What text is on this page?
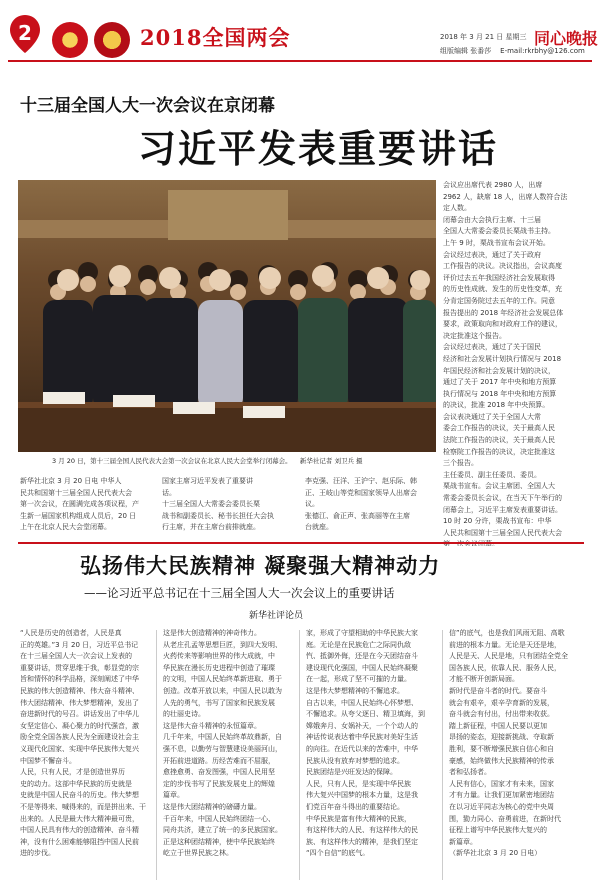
2	2018全国两会	2018 年 3 月 21 日 星期三
组版编辑 张番莎 E-mail:rkrbhy@126.com
同心晚报
十三届全国人大一次会议在京闭幕
习近平发表重要讲话
3 月 20 日，第十三届全国人民代表大会第一次会议在北京人民大会堂举行闭幕会。 新华社记者 刘卫兵 摄
新华社北京 3 月 20 日电 中华人
民共和国第十三届全国人民代表大会
第一次会议，在圆满完成各项议程，产
生新一届国家机构组成人员后，20 日
上午在北京人民大会堂闭幕。
国家主席习近平发表了重要讲
话。
十三届全国人大常委会委员长栗
战书和副委员长、秘书长担任大会执
行主席，并在主席台前排就座。
李克强、汪洋、王沪宁、赵乐际、韩
正、王岐山等党和国家领导人出席会
议。
张德江、俞正声、张高丽等在主席
台就座。
会议应出席代表 2980 人，出席
2962 人，缺席 18 人，出席人数符合法
定人数。
闭幕会由大会执行主席、十三届
全国人大常委会委员长栗战书主持。
上午 9 时，栗战书宣布会议开始。
会议经过表决，通过了关于政府
工作报告的决议。决议指出，会议高度
评价过去五年我国经济社会发展取得
的历史性成就、发生的历史性变革，充
分肯定国务院过去五年的工作。同意
报告提出的 2018 年经济社会发展总体
要求，政策取向和对政府工作的建议，
决定批准这个报告。
会议经过表决，通过了关于国民
经济和社会发展计划执行情况与 2018
年国民经济和社会发展计划的决议，
通过了关于 2017 年中央和地方预算
执行情况与 2018 年中央和地方预算
的决议，批准 2018 年中央预算。
会议表决通过了关于全国人大常
委会工作报告的决议，关于最高人民
法院工作报告的决议，关于最高人民
检察院工作报告的决议，决定批准这
三个报告。
主任委员、副主任委员、委员。
栗战书宣布。会议主席团、全国人大
常委会委员长会议，在当天下午举行的
闭幕会上，习近平主席发表重要讲话。
10 时 20 分许，栗战书宣布：中华
人民共和国第十三届全国人民代表大会
弘扬伟大民族精神 凝聚强大精神动力
——论习近平总书记在十三届全国人大一次会议上的重要讲话
新华社评论员
“人民是历史的创造者，人民是真
正的英雄。”3 月 20 日，习近平总书记
在十三届全国人大一次会议上发表的
重要讲话，贯穿思维于我，彰显党的宗
旨和情怀的科学品格，深刻阐述了中华
民族的伟大创造精神、伟大奋斗精神、
伟大团结精神、伟大梦想精神，发出了
奋进新时代的号召。讲话发出了中华儿
女坚定信心、凝心聚力的时代强音，激
励全党全国各族人民为全面建设社会主
义现代化国家、实现中华民族伟大复兴
中国梦不懈奋斗。
人民，只有人民，才是创造世界历
史的动力。这部中华民族的历史就是
史就是中国人民奋斗的历史。伟大梦想
不是等得来、喊得来的，而是拼出来、干
出来的。人民是最大伟大精神最可贵，
中国人民具有伟大的创造精神、奋斗精
神，没有什么困难能够阻挡中国人民前
进的步伐。
这是伟大创造精神的神奇伟力。
从老庄孔孟等思想巨匠，到四大发明、
火药传来等影响世界的伟大成就，中
华民族在漫长历史进程中创造了璀璨
的文明，中国人民始终革新进取、勇于
创造。改革开放以来，中国人民以敢为
人先的勇气，书写了国家和民族发展
的壮丽史诗。
这是伟大奋斗精神的永恒篇章。
几千年来，中国人民始终革故鼎新，自
强不息，以勤劳与智慧建设美丽河山，
开拓前进道路。历经苦难而不屈服，
愈挫愈勇、奋发图强，中国人民用坚
定的步伐书写了民族发展史上的辉煌
篇章。
这是伟大团结精神的磅礴力量。
千百年来，中国人民始终团结一心、
同舟共济，建立了统一的多民族国家。
正是这种团结精神，使中华民族始终
屹立于世界民族之林。
家，形成了守望相助的中华民族大家
庭。无论是在民族危亡之际同仇敌
忾、抵御外侮，还是在今天团结奋斗
建设现代化强国，中国人民始终凝聚
在一起，形成了坚不可摧的力量。
这是伟大梦想精神的不懈追求。
自古以来，中国人民始终心怀梦想、
不懈追求。从夸父逐日、精卫填海，到
嫦娥奔月、女娲补天，一个个动人的
神话传说表达着中华民族对美好生活
的向往。在近代以来的苦难中，中华
民族从没有放弃对梦想的追求。
民族团结是兴旺发达的保障。
人民，只有人民，是实现中华民族
伟大复兴中国梦的根本力量，这是我
们党百年奋斗得出的重要结论。
中华民族是富有伟大精神的民族，
有这样伟大的人民、有这样伟大的民
族、有这样伟大的精神，是我们坚定
“四个自信”的底气。
信”的底气，也是我们风雨无阻、高歌
前进的根本力量。无论是天还是地，
人民是天、人民是地，只有团结全党全
国各族人民，依靠人民、服务人民，
才能不断开创新局面。
新时代是奋斗者的时代。要奋斗
就会有艰辛，艰辛孕育新的发展，
奋斗就会有付出，付出带来收获。
踏上新征程，中国人民要以更加
昂扬的姿态，迎接新挑战、夺取新
胜利，要不断增强民族自信心和自
豪感，始终做伟大民族精神的传承
者和弘扬者。
人民有信心，国家才有未来，国家
才有力量。让我们更加紧密地团结
在以习近平同志为核心的党中央周
围，勠力同心、奋勇前进，在新时代
征程上谱写中华民族伟大复兴的
新篇章。
（新华社北京 3 月 20 日电）
